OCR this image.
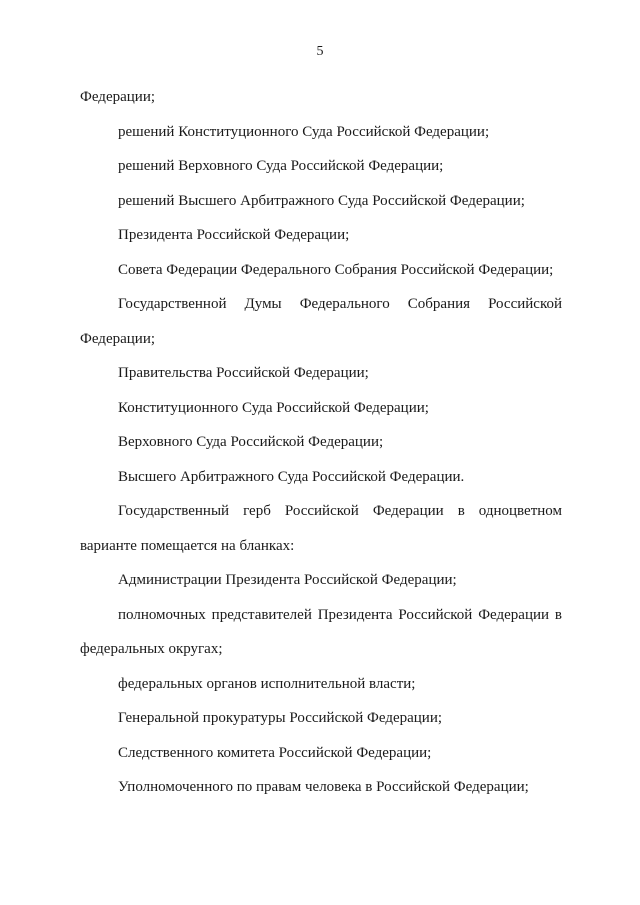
5
Федерации;
решений Конституционного Суда Российской Федерации;
решений Верховного Суда Российской Федерации;
решений Высшего Арбитражного Суда Российской Федерации;
Президента Российской Федерации;
Совета Федерации Федерального Собрания Российской Федерации;
Государственной Думы Федерального Собрания Российской
Федерации;
Правительства Российской Федерации;
Конституционного Суда Российской Федерации;
Верховного Суда Российской Федерации;
Высшего Арбитражного Суда Российской Федерации.
Государственный герб Российской Федерации в одноцветном
варианте помещается на бланках:
Администрации Президента Российской Федерации;
полномочных представителей Президента Российской Федерации в
федеральных округах;
федеральных органов исполнительной власти;
Генеральной прокуратуры Российской Федерации;
Следственного комитета Российской Федерации;
Уполномоченного по правам человека в Российской Федерации;
